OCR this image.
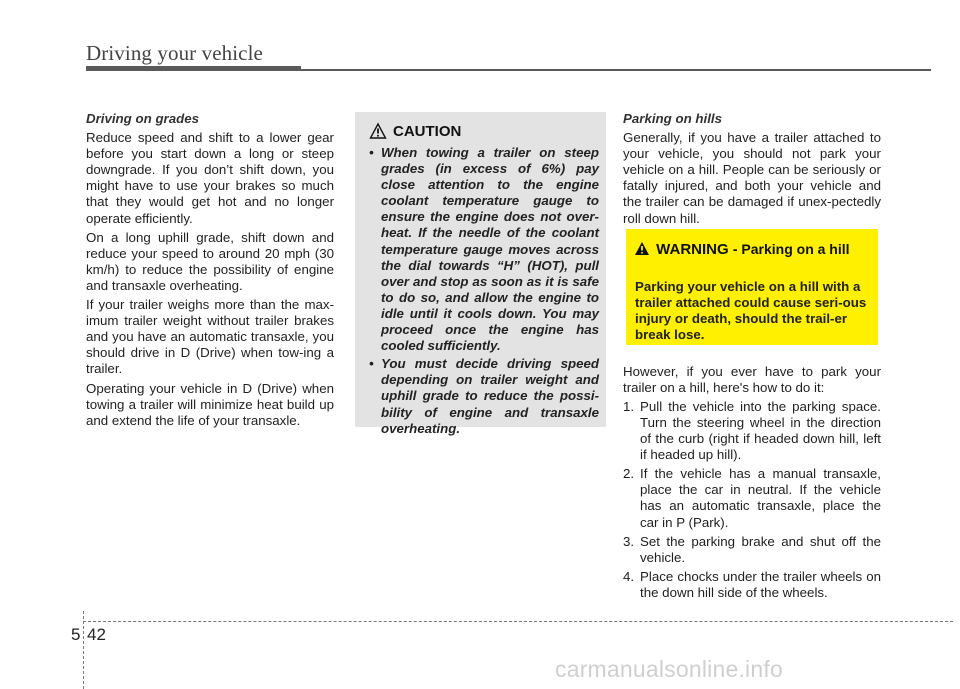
Driving your vehicle
Driving on grades

Reduce speed and shift to a lower gear before you start down a long or steep downgrade. If you don’t shift down, you might have to use your brakes so much that they would get hot and no longer operate efficiently.

On a long uphill grade, shift down and reduce your speed to around 20 mph (30 km/h) to reduce the possibility of engine and transaxle overheating.

If your trailer weighs more than the max-imum trailer weight without trailer brakes and you have an automatic transaxle, you should drive in D (Drive) when tow-ing a trailer.

Operating your vehicle in D (Drive) when towing a trailer will minimize heat build up and extend the life of your transaxle.

CAUTION
• When towing a trailer on steep grades (in excess of 6%) pay close attention to the engine coolant temperature gauge to ensure the engine does not over-heat. If the needle of the coolant temperature gauge moves across the dial towards “H” (HOT), pull over and stop as soon as it is safe to do so, and allow the engine to idle until it cools down. You may proceed once the engine has cooled sufficiently.
• You must decide driving speed depending on trailer weight and uphill grade to reduce the possi-bility of engine and transaxle overheating.
Parking on hills

Generally, if you have a trailer attached to your vehicle, you should not park your vehicle on a hill. People can be seriously or fatally injured, and both your vehicle and the trailer can be damaged if unex-pectedly roll down hill.

However, if you ever have to park your trailer on a hill, here's how to do it:

1. Pull the vehicle into the parking space. Turn the steering wheel in the direction of the curb (right if headed down hill, left if headed up hill).
2. If the vehicle has a manual transaxle, place the car in neutral. If the vehicle has an automatic transaxle, place the car in P (Park).
3. Set the parking brake and shut off the vehicle.
4. Place chocks under the trailer wheels on the down hill side of the wheels.
WARNING - Parking on a hill
Parking your vehicle on a hill with a trailer attached could cause seri-ous injury or death, should the trail-er break lose.
5 42
carmanualsonline.info
